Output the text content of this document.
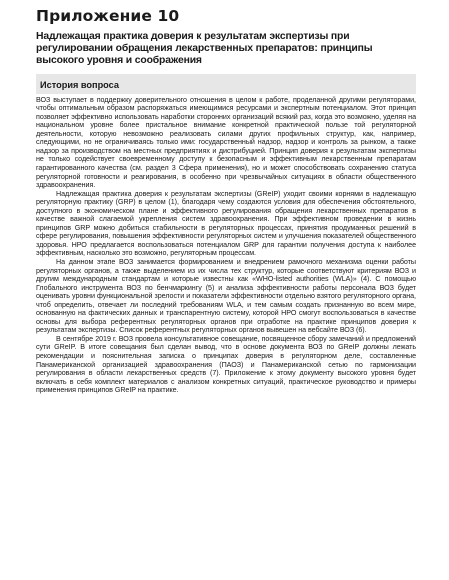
Приложение 10
Надлежащая практика доверия к результатам экспертизы при регулировании обращения лекарственных препаратов: принципы высокого уровня и соображения
История вопроса

ВОЗ выступает в поддержку доверительного отношения в целом к работе, проделанной другими регуляторами, чтобы оптимальным образом распоряжаться имеющимися ресурсами и экспертным потенциалом. Этот принцип позволяет эффективно использовать наработки сторонних организаций всякий раз, когда это возможно, уделяя на национальном уровне более пристальное внимание конкретной практической пользе той регуляторной деятельности, которую невозможно реализовать силами других профильных структур, как, например, следующими, но не ограничиваясь только ими: государственный надзор, надзор и контроль за рынком, а также надзор за производством на местных предприятиях и дистрибуцией. Принцип доверия к результатам экспертизы не только содействует своевременному доступу к безопасным и эффективным лекарственным препаратам гарантированного качества (см. раздел 3 Сфера применения), но и может способствовать сохранению статуса регуляторной готовности и реагирования, в особенно при чрезвычайных ситуациях в области общественного здравоохранения.

Надлежащая практика доверия к результатам экспертизы (GReIP) уходит своими корнями в надлежащую регуляторную практику (GRP) в целом (1), благодаря чему создаются условия для обеспечения обстоятельного, доступного в экономическом плане и эффективного регулирования обращения лекарственных препаратов в качестве важной слагаемой укрепления систем здравоохранения. При эффективном проведении в жизнь принципов GRP можно добиться стабильности в регуляторных процессах, принятия продуманных решений в сфере регулирования, повышения эффективности регуляторных систем и улучшения показателей общественного здоровья. НРО предлагается воспользоваться потенциалом GRP для гарантии получения доступа к наиболее эффективным, насколько это возможно, регуляторным процессам.

На данном этапе ВОЗ занимается формированием и внедрением рамочного механизма оценки работы регуляторных органов, а также выделением из их числа тех структур, которые соответствуют критериям ВОЗ и другим международным стандартам и которые известны как «WHO-listed authorities (WLA)» (4). С помощью Глобального инструмента ВОЗ по бенчмаркингу (5) и анализа эффективности работы персонала ВОЗ будет оценивать уровни функциональной зрелости и показатели эффективности отдельно взятого регуляторного органа, чтоб определить, отвечает ли последний требованиям WLA, и тем самым создать признанную во всем мире, основанную на фактических данных и транспарентную систему, которой НРО смогут воспользоваться в качестве основы для выбора референтных регуляторных органов при отработке на практике принципов доверия к результатам экспертизы. Список референтных регуляторных органов вывешен на вебсайте ВОЗ (6).

В сентябре 2019 г. ВОЗ провела консультативное совещание, посвященное сбору замечаний и предложений сути GReIP. В итоге совещания был сделан вывод, что в основе документа ВОЗ по GReIP должны лежать рекомендации и пояснительная записка о принципах доверия в регуляторном деле, составленные Панамериканской организацией здравоохранения (ПАОЗ) и Панамериканской сетью по гармонизации регулирования в области лекарственных средств (7). Приложение к этому документу высокого уровня будет включать в себя комплект материалов с анализом конкретных ситуаций, практическое руководство и примеры применения принципов GReIP на практике.
